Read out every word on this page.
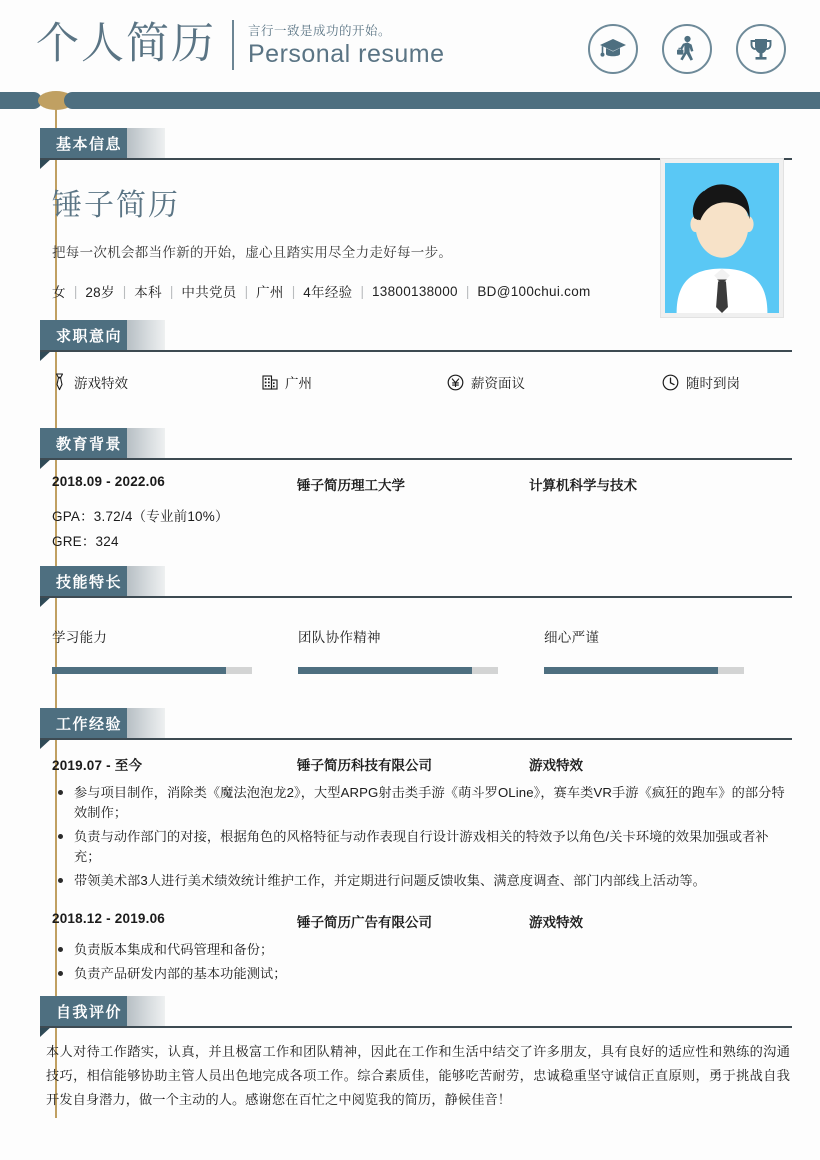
个人简历	言行一致是成功的开始。
Personal resume
基本信息
锤子简历
把每一次机会都当作新的开始，虚心且踏实用尽全力走好每一步。
女 | 28岁 | 本科 | 中共党员 | 广州 | 4年经验 | 13800138000 | BD@100chui.com
求职意向
游戏特效	广州	薪资面议	随时到岗
教育背景
2018.09 - 2022.06	锤子简历理工大学	计算机科学与技术
GPA：3.72/4（专业前10%）
GRE：324
技能特长
学习能力	团队协作精神	细心严谨
工作经验
2019.07 - 至今	锤子简历科技有限公司	游戏特效
参与项目制作，消除类《魔法泡泡龙2》，大型ARPG射击类手游《萌斗罗OLine》，赛车类VR手游《疯狂的跑车》的部分特效制作；
负责与动作部门的对接，根据角色的风格特征与动作表现自行设计游戏相关的特效予以角色/关卡环境的效果加强或者补充；
带领美术部3人进行美术绩效统计维护工作，并定期进行问题反馈收集、满意度调查、部门内部线上活动等。
2018.12 - 2019.06	锤子简历广告有限公司	游戏特效
负责版本集成和代码管理和备份；
负责产品研发内部的基本功能测试；
自我评价
本人对待工作踏实，认真，并且极富工作和团队精神，因此在工作和生活中结交了许多朋友，具有良好的适应性和熟练的沟通技巧，相信能够协助主管人员出色地完成各项工作。综合素质佳，能够吃苦耐劳，忠诚稳重坚守诚信正直原则，勇于挑战自我开发自身潜力，做一个主动的人。感谢您在百忙之中阅览我的简历，静候佳音！
